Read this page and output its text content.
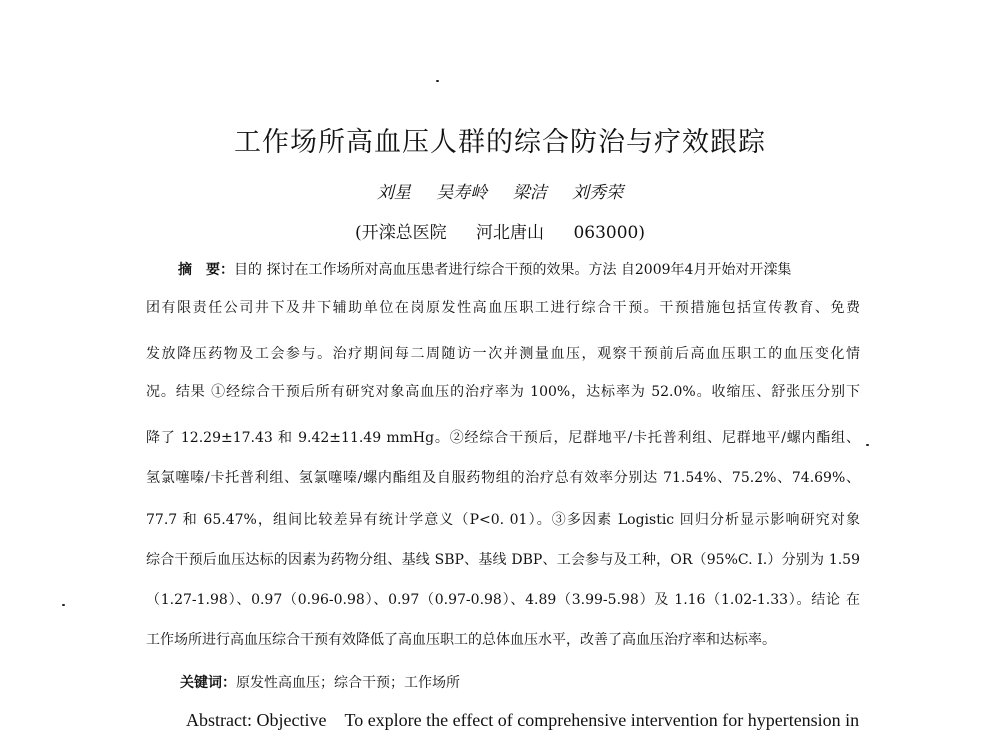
工作场所高血压人群的综合防治与疗效跟踪
刘星 吴寿岭 梁洁 刘秀荣
(开滦总医院 河北唐山 063000)
摘　要：目的 探讨在工作场所对高血压患者进行综合干预的效果。方法 自2009年4月开始对开滦集
团有限责任公司井下及井下辅助单位在岗原发性高血压职工进行综合干预。干预措施包括宣传教育、免费
发放降压药物及工会参与。治疗期间每二周随访一次并测量血压，观察干预前后高血压职工的血压变化情
况。结果 ①经综合干预后所有研究对象高血压的治疗率为 100%，达标率为 52.0%。收缩压、舒张压分别下
降了 12.29±17.43 和 9.42±11.49 mmHg。②经综合干预后，尼群地平/卡托普利组、尼群地平/螺内酯组、
氢氯噻嗪/卡托普利组、氢氯噻嗪/螺内酯组及自服药物组的治疗总有效率分别达 71.54%、75.2%、74.69%、
77.7 和 65.47%，组间比较差异有统计学意义（P<0. 01）。③多因素 Logistic 回归分析显示影响研究对象
综合干预后血压达标的因素为药物分组、基线 SBP、基线 DBP、工会参与及工种，OR（95%C. I.）分别为 1.59
（1.27-1.98）、0.97（0.96-0.98）、0.97（0.97-0.98）、4.89（3.99-5.98）及 1.16（1.02-1.33）。结论 在
工作场所进行高血压综合干预有效降低了高血压职工的总体血压水平，改善了高血压治疗率和达标率。
关键词：原发性高血压；综合干预；工作场所
Abstract: Objective To explore the effect of comprehensive intervention for hypertension in
